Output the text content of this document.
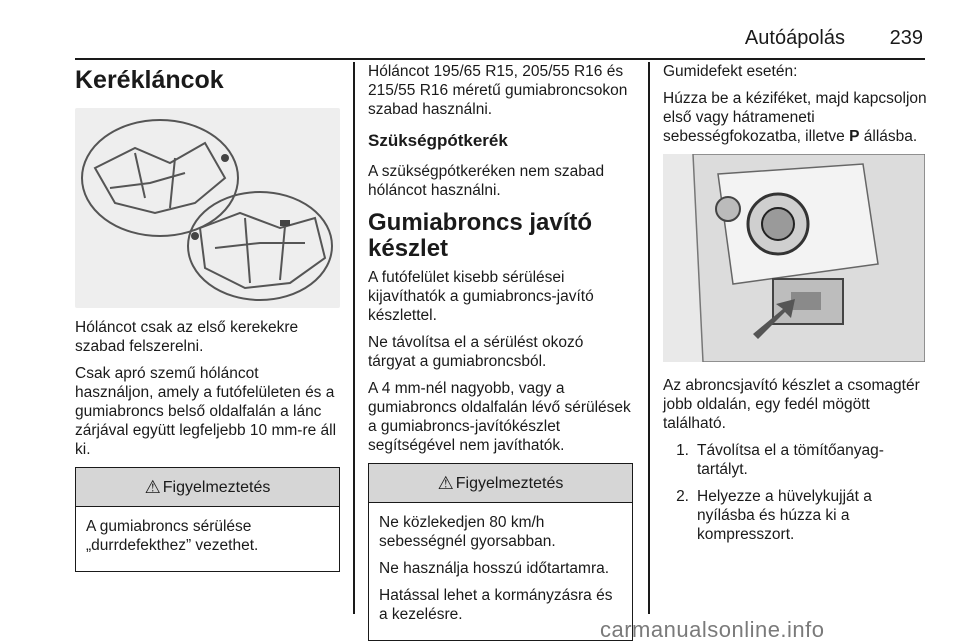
Autóápolás 239
Kerékláncok

Hóláncot csak az első kerekekre szabad felszerelni.

Csak apró szemű hóláncot használjon, amely a futófelületen és a gumiabroncs belső oldalfalán a lánc zárjával együtt legfeljebb 10 mm-re áll ki.

⚠ Figyelmeztetés

A gumiabroncs sérülése „durrdefekthez” vezethet.

Hóláncot 195/65 R15, 205/55 R16 és 215/55 R16 méretű gumiabroncsokon szabad használni.

Szükségpótkerék

A szükségpótkeréken nem szabad hóláncot használni.

Gumiabroncs javító készlet

A futófelület kisebb sérülései kijavíthatók a gumiabroncs-javító készlettel.

Ne távolítsa el a sérülést okozó tárgyat a gumiabroncsból.

A 4 mm-nél nagyobb, vagy a gumiabroncs oldalfalán lévő sérülések a gumiabroncs-javítókészlet segítségével nem javíthatók.

⚠ Figyelmeztetés

Ne közlekedjen 80 km/h sebességnél gyorsabban.

Ne használja hosszú időtartamra.

Hatással lehet a kormányzásra és a kezelésre.

Gumidefekt esetén:

Húzza be a kéziféket, majd kapcsoljon első vagy hátrameneti sebességfokozatba, illetve P állásba.

Az abroncsjavító készlet a csomagtér jobb oldalán, egy fedél mögött található.

1. Távolítsa el a tömítőanyag-tartályt.
2. Helyezze a hüvelykujját a nyílásba és húzza ki a kompresszort.
carmanualsonline.info
